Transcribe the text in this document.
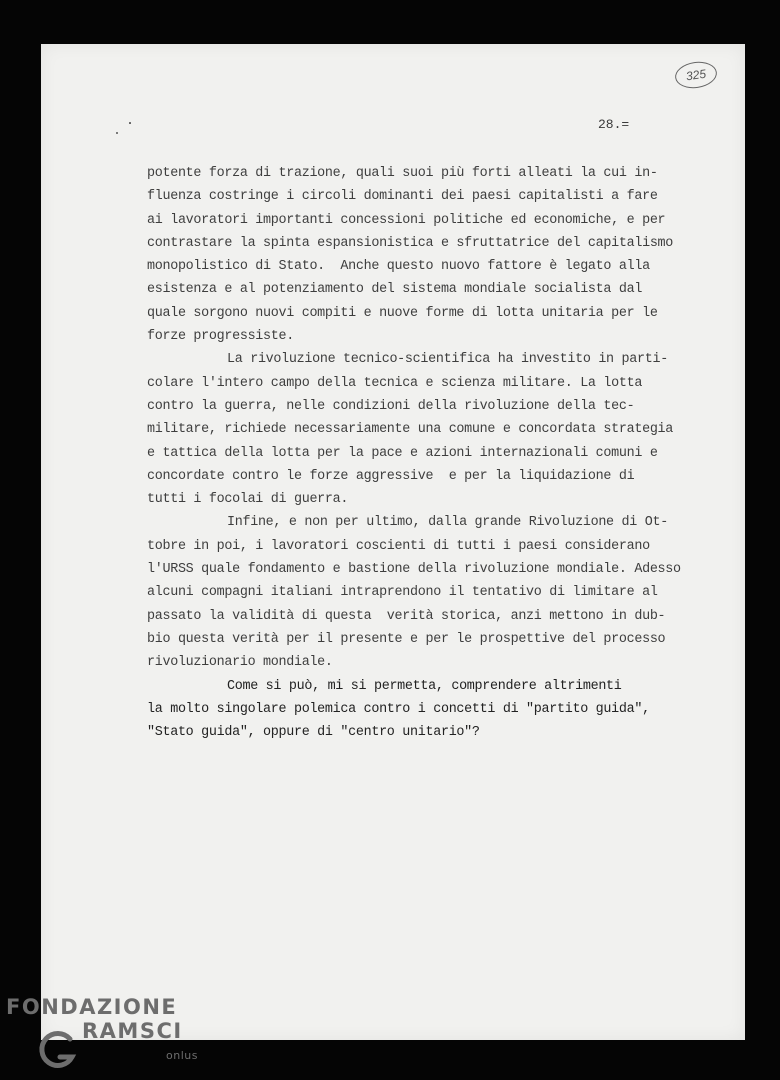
325
28.=
potente forza di trazione, quali suoi più forti alleati la cui in-
fluenza costringe i circoli dominanti dei paesi capitalisti a fare
ai lavoratori importanti concessioni politiche ed economiche, e per
contrastare la spinta espansionistica e sfruttatrice del capitalismo
monopolistico di Stato.  Anche questo nuovo fattore è legato alla
esistenza e al potenziamento del sistema mondiale socialista dal
quale sorgono nuovi compiti e nuove forme di lotta unitaria per le
forze progressiste.
La rivoluzione tecnico-scientifica ha investito in parti-
colare l'intero campo della tecnica e scienza militare. La lotta
contro la guerra, nelle condizioni della rivoluzione della tec-
militare, richiede necessariamente una comune e concordata strategia
e tattica della lotta per la pace e azioni internazionali comuni e
concordate contro le forze aggressive  e per la liquidazione di
tutti i focolai di guerra.
Infine, e non per ultimo, dalla grande Rivoluzione di Ot-
tobre in poi, i lavoratori coscienti di tutti i paesi considerano
l'URSS quale fondamento e bastione della rivoluzione mondiale. Adesso
alcuni compagni italiani intraprendono il tentativo di limitare al
passato la validità di questa  verità storica, anzi mettono in dub-
bio questa verità per il presente e per le prospettive del processo
rivoluzionario mondiale.
Come si può, mi si permetta, comprendere altrimenti
la molto singolare polemica contro i concetti di "partito guida",
"Stato guida", oppure di "centro unitario"?
FONDAZIONE
RAMSCI
onlus
